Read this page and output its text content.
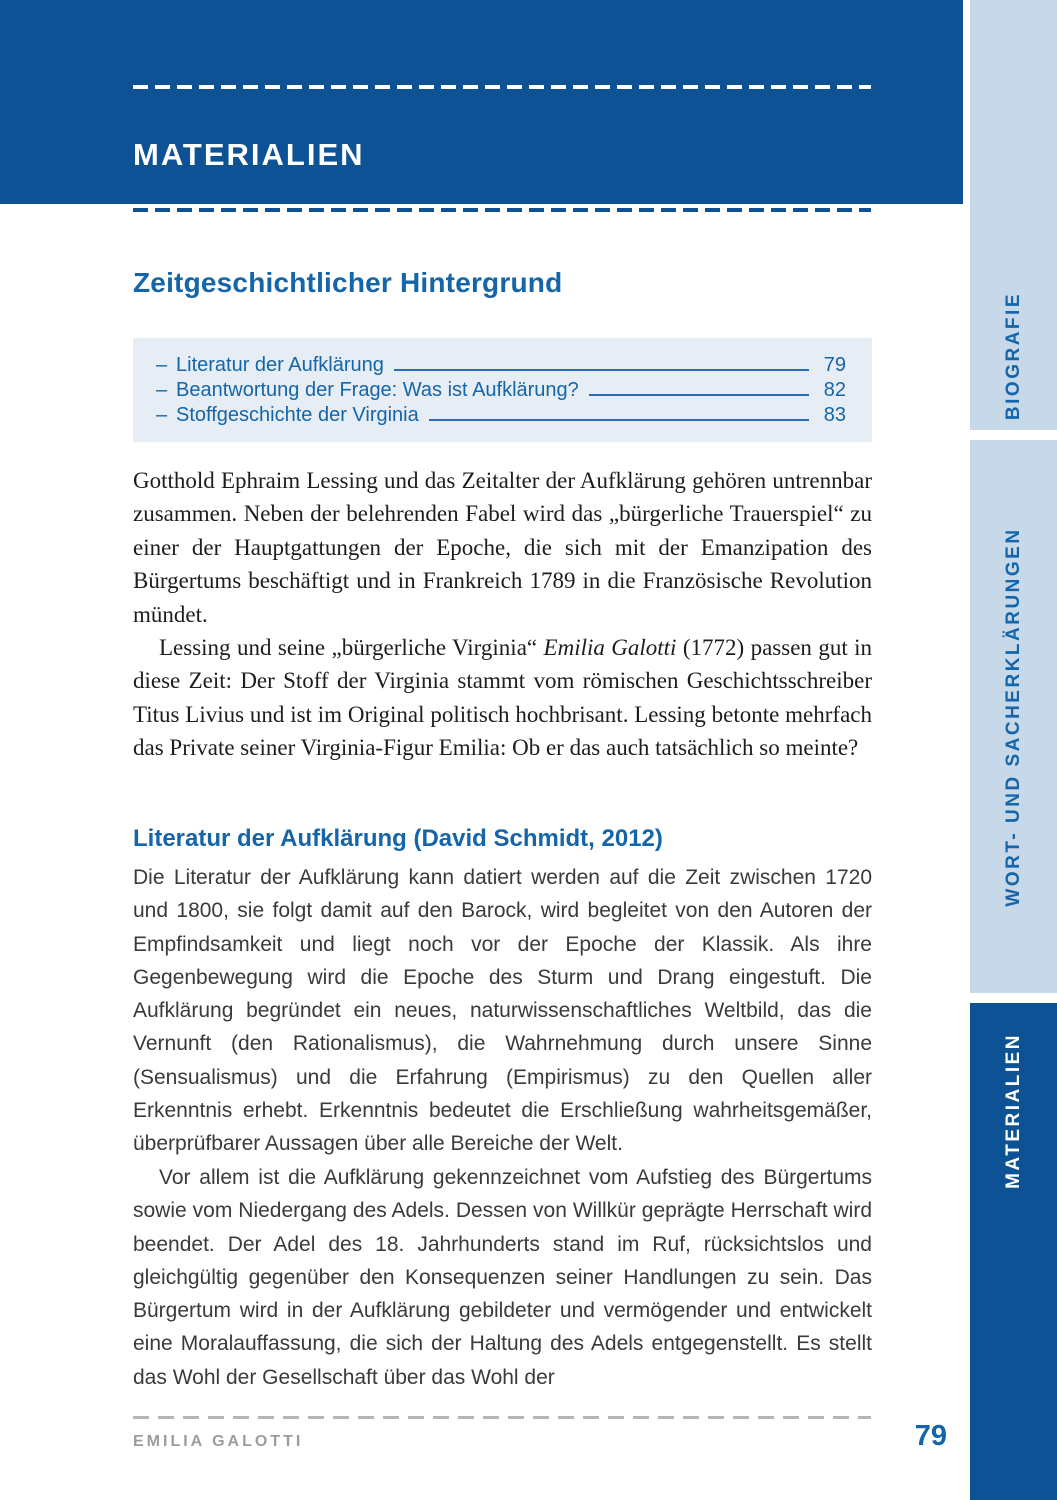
MATERIALIEN
Zeitgeschichtlicher Hintergrund
– Literatur der Aufklärung	79
– Beantwortung der Frage: Was ist Aufklärung?	82
– Stoffgeschichte der Virginia	83

Gotthold Ephraim Lessing und das Zeitalter der Aufklärung gehören untrennbar zusammen. Neben der belehrenden Fabel wird das „bürgerliche Trauerspiel“ zu einer der Hauptgattungen der Epoche, die sich mit der Emanzipation des Bürgertums beschäftigt und in Frankreich 1789 in die Französische Revolution mündet.

Lessing und seine „bürgerliche Virginia“ Emilia Galotti (1772) passen gut in diese Zeit: Der Stoff der Virginia stammt vom römischen Geschichtsschreiber Titus Livius und ist im Original politisch hochbrisant. Lessing betonte mehrfach das Private seiner Virginia-Figur Emilia: Ob er das auch tatsächlich so meinte?

Literatur der Aufklärung (David Schmidt, 2012)

Die Literatur der Aufklärung kann datiert werden auf die Zeit zwischen 1720 und 1800, sie folgt damit auf den Barock, wird begleitet von den Autoren der Empfindsamkeit und liegt noch vor der Epoche der Klassik. Als ihre Gegenbewegung wird die Epoche des Sturm und Drang eingestuft. Die Aufklärung begründet ein neues, naturwissenschaftliches Weltbild, das die Vernunft (den Rationalismus), die Wahrnehmung durch unsere Sinne (Sensualismus) und die Erfahrung (Empirismus) zu den Quellen aller Erkenntnis erhebt. Erkenntnis bedeutet die Erschließung wahrheitsgemäßer, überprüfbarer Aussagen über alle Bereiche der Welt.

Vor allem ist die Aufklärung gekennzeichnet vom Aufstieg des Bürgertums sowie vom Niedergang des Adels. Dessen von Willkür geprägte Herrschaft wird beendet. Der Adel des 18. Jahrhunderts stand im Ruf, rücksichtslos und gleichgültig gegenüber den Konsequenzen seiner Handlungen zu sein. Das Bürgertum wird in der Aufklärung gebildeter und vermögender und entwickelt eine Moralauffassung, die sich der Haltung des Adels entgegenstellt. Es stellt das Wohl der Gesellschaft über das Wohl der

EMILIA GALOTTI	79
BIOGRAFIE
WORT- UND SACHERKLÄRUNGEN
MATERIALIEN
